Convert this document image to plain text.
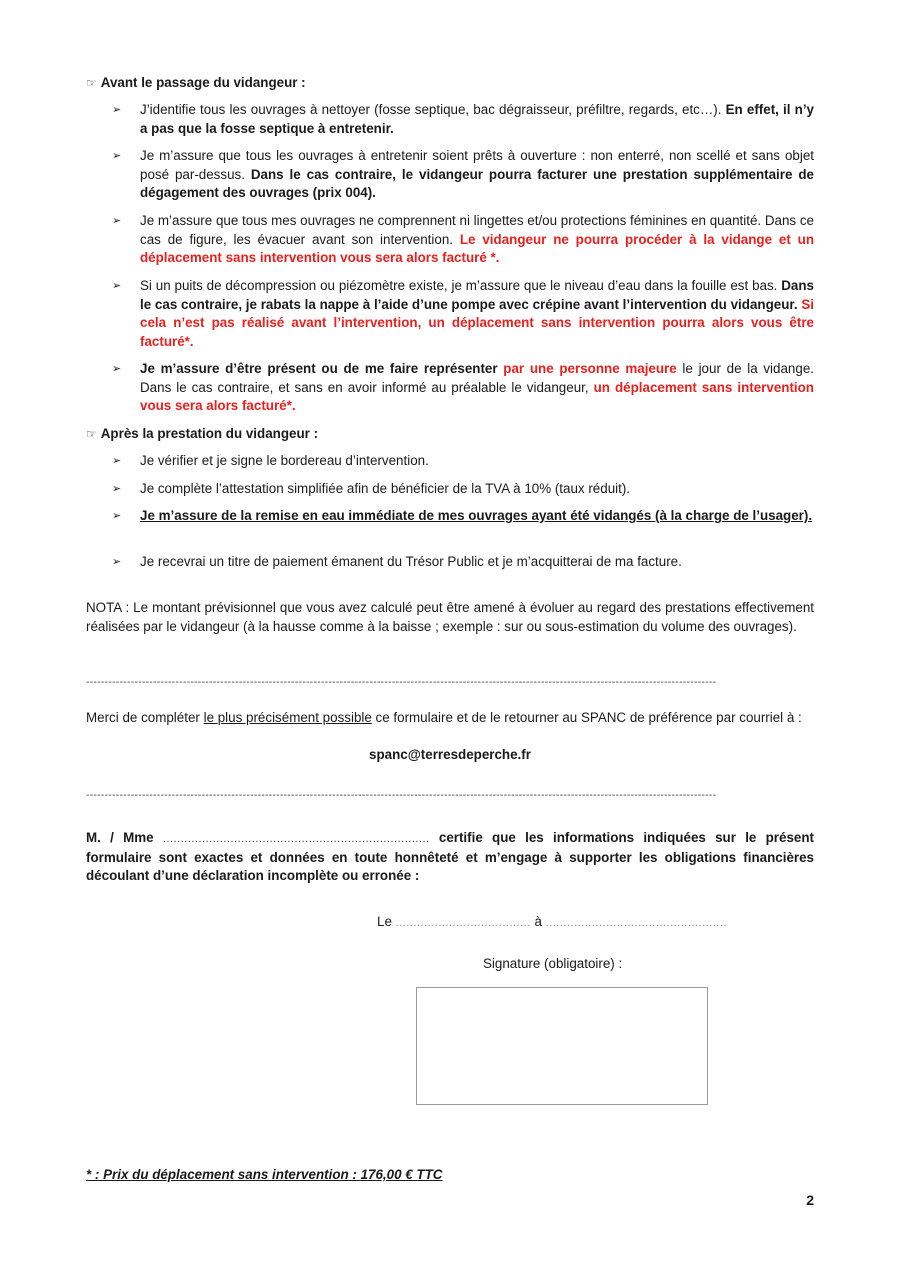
☞ Avant le passage du vidangeur :
➢ J’identifie tous les ouvrages à nettoyer (fosse septique, bac dégraisseur, préfiltre, regards, etc…). En effet, il n’y a pas que la fosse septique à entretenir.
➢ Je m’assure que tous les ouvrages à entretenir soient prêts à ouverture : non enterré, non scellé et sans objet posé par-dessus. Dans le cas contraire, le vidangeur pourra facturer une prestation supplémentaire de dégagement des ouvrages (prix 004).
➢ Je m’assure que tous mes ouvrages ne comprennent ni lingettes et/ou protections féminines en quantité. Dans ce cas de figure, les évacuer avant son intervention. Le vidangeur ne pourra procéder à la vidange et un déplacement sans intervention vous sera alors facturé *.
➢ Si un puits de décompression ou piézomètre existe, je m’assure que le niveau d’eau dans la fouille est bas. Dans le cas contraire, je rabats la nappe à l’aide d’une pompe avec crépine avant l’intervention du vidangeur. Si cela n’est pas réalisé avant l’intervention, un déplacement sans intervention pourra alors vous être facturé*.
➢ Je m’assure d’être présent ou de me faire représenter par une personne majeure le jour de la vidange. Dans le cas contraire, et sans en avoir informé au préalable le vidangeur, un déplacement sans intervention vous sera alors facturé*.
☞ Après la prestation du vidangeur :
➢ Je vérifier et je signe le bordereau d’intervention.
➢ Je complète l’attestation simplifiée afin de bénéficier de la TVA à 10% (taux réduit).
➢ Je m’assure de la remise en eau immédiate de mes ouvrages ayant été vidangés (à la charge de l’usager).
➢ Je recevrai un titre de paiement émanent du Trésor Public et je m’acquitterai de ma facture.
NOTA : Le montant prévisionnel que vous avez calculé peut être amené à évoluer au regard des prestations effectivement réalisées par le vidangeur (à la hausse comme à la baisse ; exemple : sur ou sous-estimation du volume des ouvrages).
-------------------------------------------------------------------------------------------------------------------------------------------------------------------------
Merci de compléter le plus précisément possible ce formulaire et de le retourner au SPANC de préférence par courriel à :
spanc@terresdeperche.fr
-------------------------------------------------------------------------------------------------------------------------------------------------------------------------
M. / Mme ........................................................................... certifie que les informations indiquées sur le présent formulaire sont exactes et données en toute honnêteté et m’engage à supporter les obligations financières découlant d’une déclaration incomplète ou erronée :
Le ...................................... à ...................................................
Signature (obligatoire) :
* : Prix du déplacement sans intervention : 176,00 € TTC
2
